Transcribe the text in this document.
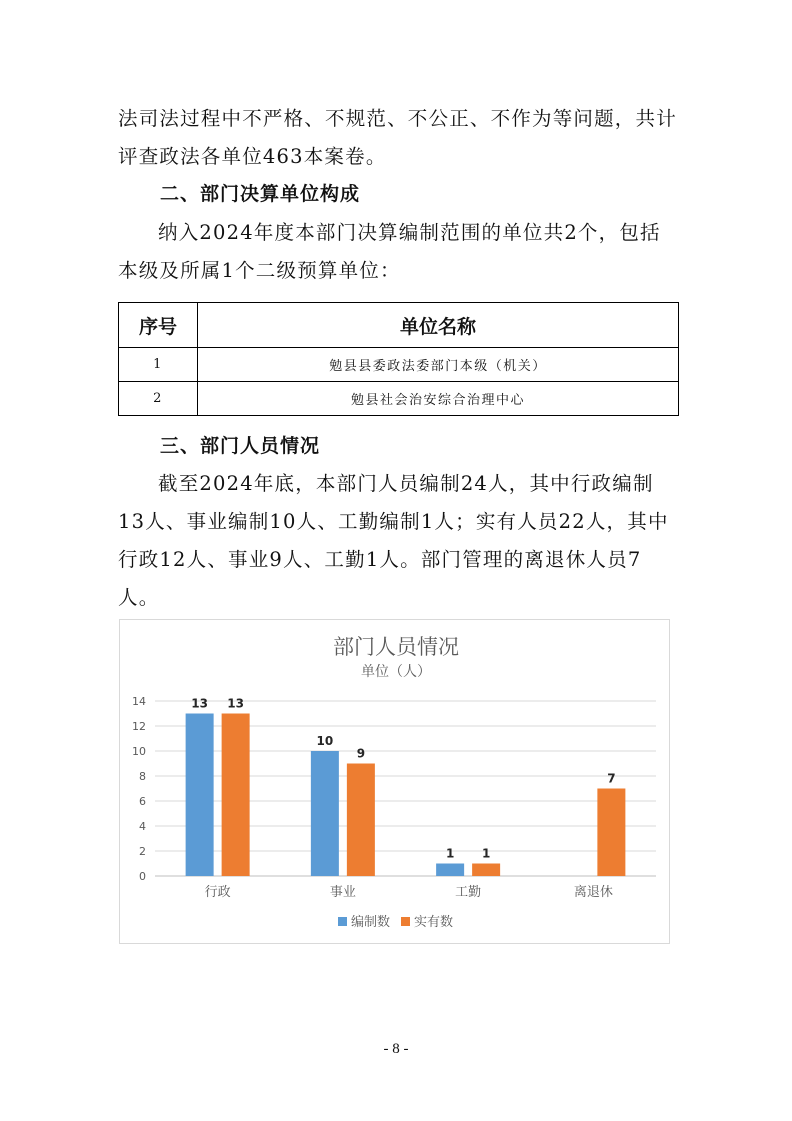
法司法过程中不严格、不规范、不公正、不作为等问题，共计评查政法各单位463本案卷。

二、部门决算单位构成

纳入2024年度本部门决算编制范围的单位共2个，包括本级及所属1个二级预算单位：

序号	单位名称
1	勉县县委政法委部门本级（机关）
2	勉县社会治安综合治理中心
三、部门人员情况

截至2024年底，本部门人员编制24人，其中行政编制13人、事业编制10人、工勤编制1人；实有人员22人，其中行政12人、事业9人、工勤1人。部门管理的离退休人员7人。

部门人员情况
单位（人）
0
2
4
6
8
10
12
14
行政
13 13
事业
10
9
工勤
1 1
离退休
7
编制数 实有数
- 8 -
